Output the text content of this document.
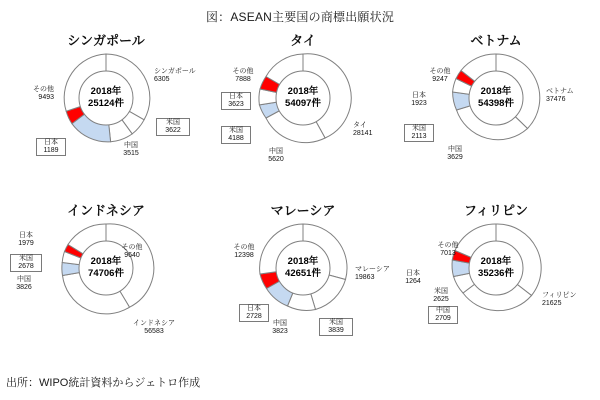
図：ASEAN主要国の商標出願状況
シンガポール
2018年
25124件
その他
9493
シンガポール
6305
米国
3622
中国
3515
日本
1189
タイ
2018年
54097件
その他
7888
タイ
28141
中国
5620
米国
4188
日本
3623
ベトナム
2018年
54398件
その他
9247
ベトナム
37476
米国
2113
中国
3629
日本
1923
インドネシア
2018年
74706件
その他
9640
インドネシア
56583
日本
1979
米国
2678
中国
3826
マレーシア
2018年
42651件
その他
12398
マレーシア
19863
米国
3839
中国
3823
日本
2728
フィリピン
2018年
35236件
その他
7013
フィリピン
21625
日本
1264
米国
2625
中国
2709
出所：WIPO統計資料からジェトロ作成
